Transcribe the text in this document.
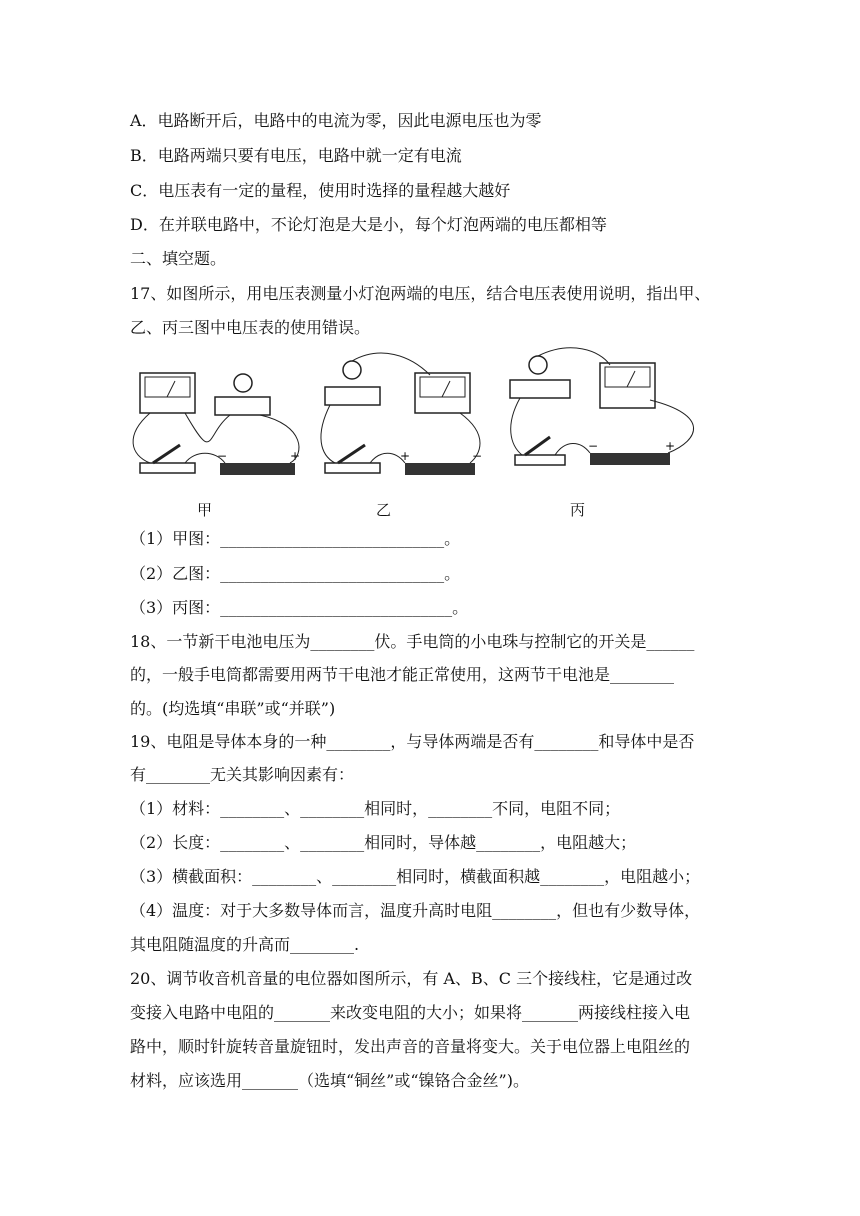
A．电路断开后，电路中的电流为零，因此电源电压也为零
B．电路两端只要有电压，电路中就一定有电流
C．电压表有一定的量程，使用时选择的量程越大越好
D．在并联电路中，不论灯泡是大是小，每个灯泡两端的电压都相等
二、填空题。
17、如图所示，用电压表测量小灯泡两端的电压，结合电压表使用说明，指出甲、
乙、丙三图中电压表的使用错误。
−	+	+	−
−	+
甲	乙	丙
（1）甲图：____________________________。
（2）乙图：____________________________。
（3）丙图：_____________________________。
18、一节新干电池电压为________伏。手电筒的小电珠与控制它的开关是______
的，一般手电筒都需要用两节干电池才能正常使用，这两节干电池是________
的。(均选填“串联”或“并联”)
19、电阻是导体本身的一种________，与导体两端是否有________和导体中是否
有________无关其影响因素有：
（1）材料：________、________相同时，________不同，电阻不同；
（2）长度：________、________相同时，导体越________，电阻越大；
（3）横截面积：________、________相同时，横截面积越________，电阻越小；
（4）温度：对于大多数导体而言，温度升高时电阻________，但也有少数导体，
其电阻随温度的升高而________.
20、调节收音机音量的电位器如图所示，有 A、B、C 三个接线柱，它是通过改
变接入电路中电阻的_______来改变电阻的大小；如果将_______两接线柱接入电
路中，顺时针旋转音量旋钮时，发出声音的音量将变大。关于电位器上电阻丝的
材料，应该选用_______（选填“铜丝”或“镍铬合金丝”)。
